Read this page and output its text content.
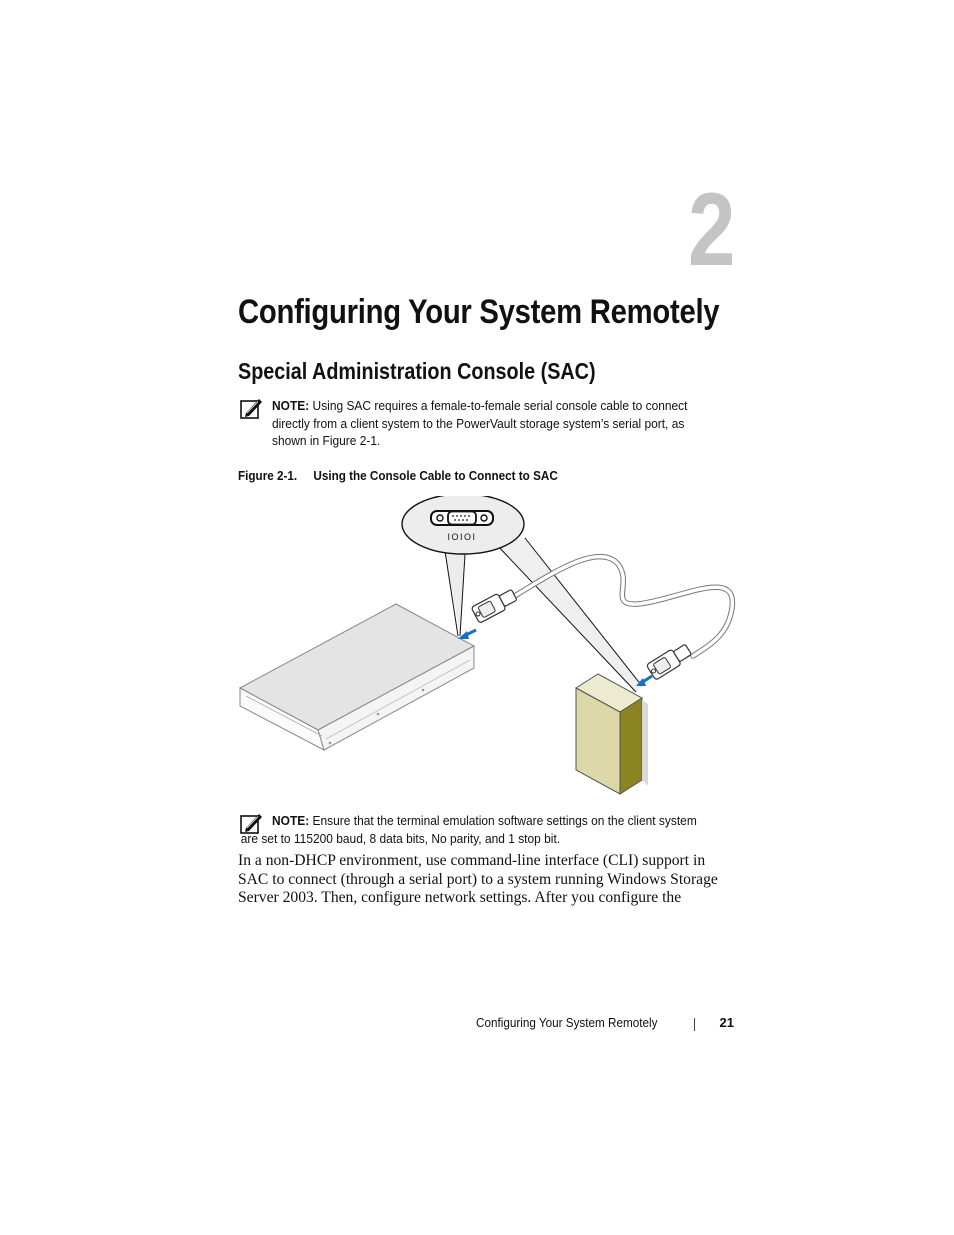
2
Configuring Your System Remotely
Special Administration Console (SAC)
NOTE: Using SAC requires a female-to-female serial console cable to connect directly from a client system to the PowerVault storage system’s serial port, as shown in Figure 2-1.
Figure 2-1. Using the Console Cable to Connect to SAC
IOIOI
NOTE: Ensure that the terminal emulation software settings on the client system
are set to 115200 baud, 8 data bits, No parity, and 1 stop bit.

In a non-DHCP environment, use command-line interface (CLI) support in
SAC to connect (through a serial port) to a system running Windows Storage
Server 2003. Then, configure network settings. After you configure the

Configuring Your System Remotely	21
